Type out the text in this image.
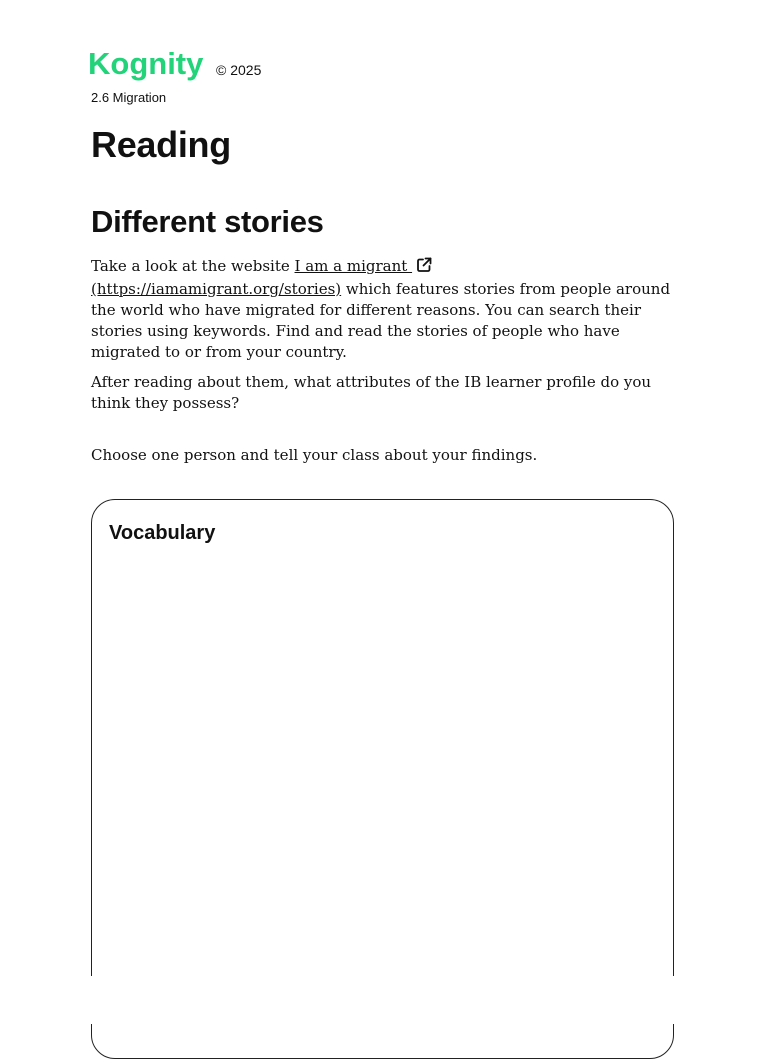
Kognity © 2025
2.6 Migration
Reading
Different stories

Take a look at the website I am a migrant (https://iamamigrant.org/stories) which features stories from people around the world who have migrated for different reasons. You can search their stories using keywords. Find and read the stories of people who have migrated to or from your country.

After reading about them, what attributes of the IB learner profile do you think they possess?

Choose one person and tell your class about your findings.

Vocabulary
